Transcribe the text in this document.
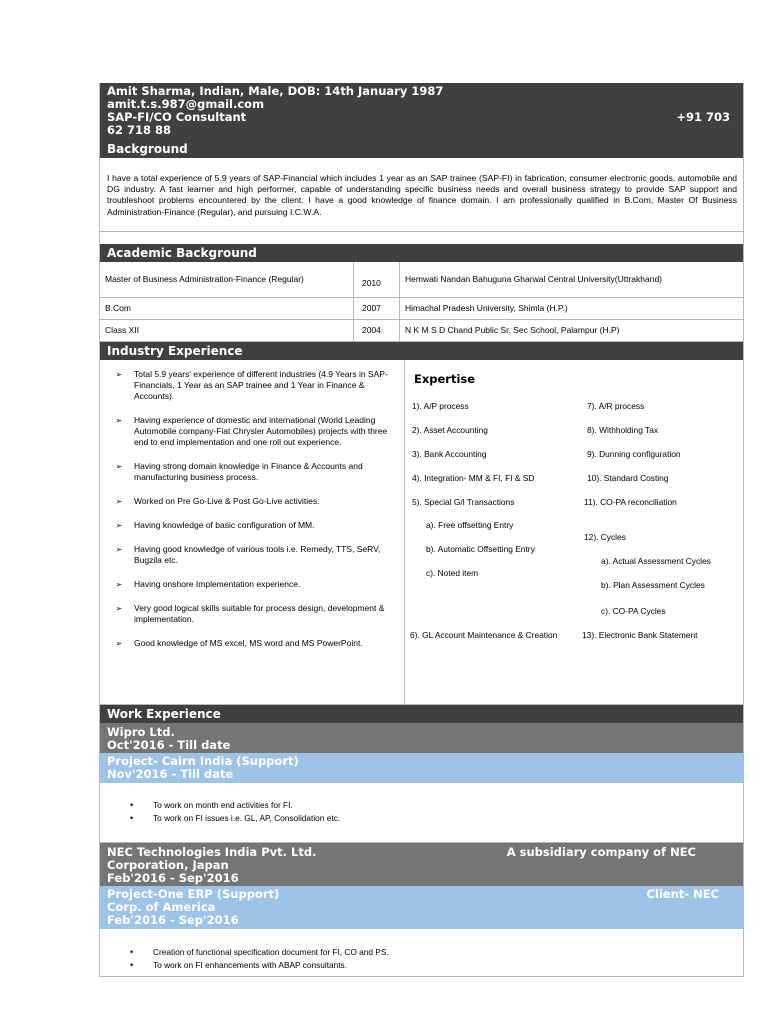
Amit Sharma, Indian, Male, DOB: 14th January 1987
amit.t.s.987@gmail.com
SAP-FI/CO Consultant	+91 703
62 718 88
Background
I have a total experience of 5.9 years of SAP-Financial which includes 1 year as an SAP trainee (SAP-FI) in fabrication, consumer electronic goods, automobile and DG industry. A fast learner and high performer, capable of understanding specific business needs and overall business strategy to provide SAP support and troubleshoot problems encountered by the client. I have a good knowledge of finance domain. I am professionally qualified in B.Com, Master Of Business Administration-Finance (Regular), and pursuing I.C.W.A.
Academic Background
Master of Business Administration-Finance (Regular)	2010	Hemwati Nandan Bahuguna Gharwal Central University(Uttrakhand)
B.Com	2007	Himachal Pradesh University, Shimla (H.P.)
Class XII	2004	N K M S D Chand Public Sr. Sec School, Palampur (H.P)
Industry Experience
➢	Total 5.9 years' experience of different industries (4.9 Years in SAP-Financials, 1 Year as an SAP trainee and 1 Year in Finance & Accounts).
➢	Having experience of domestic and international (World Leading Automobile company-Fiat Chrysler Automobiles) projects with three end to end implementation and one roll out experience.
➢	Having strong domain knowledge in Finance & Accounts and manufacturing business process.
➢	Worked on Pre Go-Live & Post Go-Live activities.
➢	Having knowledge of basic configuration of MM.
➢	Having good knowledge of various tools i.e. Remedy, TTS, SeRV, Bugzila etc.
➢	Having onshore Implementation experience.
➢	Very good logical skills suitable for process design, development & implementation.
➢	Good knowledge of MS excel, MS word and MS PowerPoint.
Expertise
1). A/P process
2). Asset Accounting
3). Bank Accounting
4). Integration- MM & FI, FI & SD
5). Special G/l Transactions
a). Free offsetting Entry
b). Automatic Offsetting Entry
c). Noted item
6). GL Account Maintenance & Creation
7). A/R process
8). Withholding Tax
9). Dunning configuration
10). Standard Costing
11). CO-PA reconciliation
12). Cycles
a). Actual Assessment Cycles
b). Plan Assessment Cycles
c). CO-PA Cycles
13). Electronic Bank Statement
Work Experience
Wipro Ltd.
Oct'2016 - Till date
Project- Cairn India (Support)
Nov'2016 - Till date
•	To work on month end activities for FI.
•	To work on FI issues i.e. GL, AP, Consolidation etc.
NEC Technologies India Pvt. Ltd.	A subsidiary company of NEC
Corporation, Japan
Feb'2016 - Sep'2016
Project-One ERP (Support)	Client- NEC
Corp. of America
Feb'2016 - Sep'2016
•	Creation of functional specification document for FI, CO and PS.
•	To work on FI enhancements with ABAP consultants.
